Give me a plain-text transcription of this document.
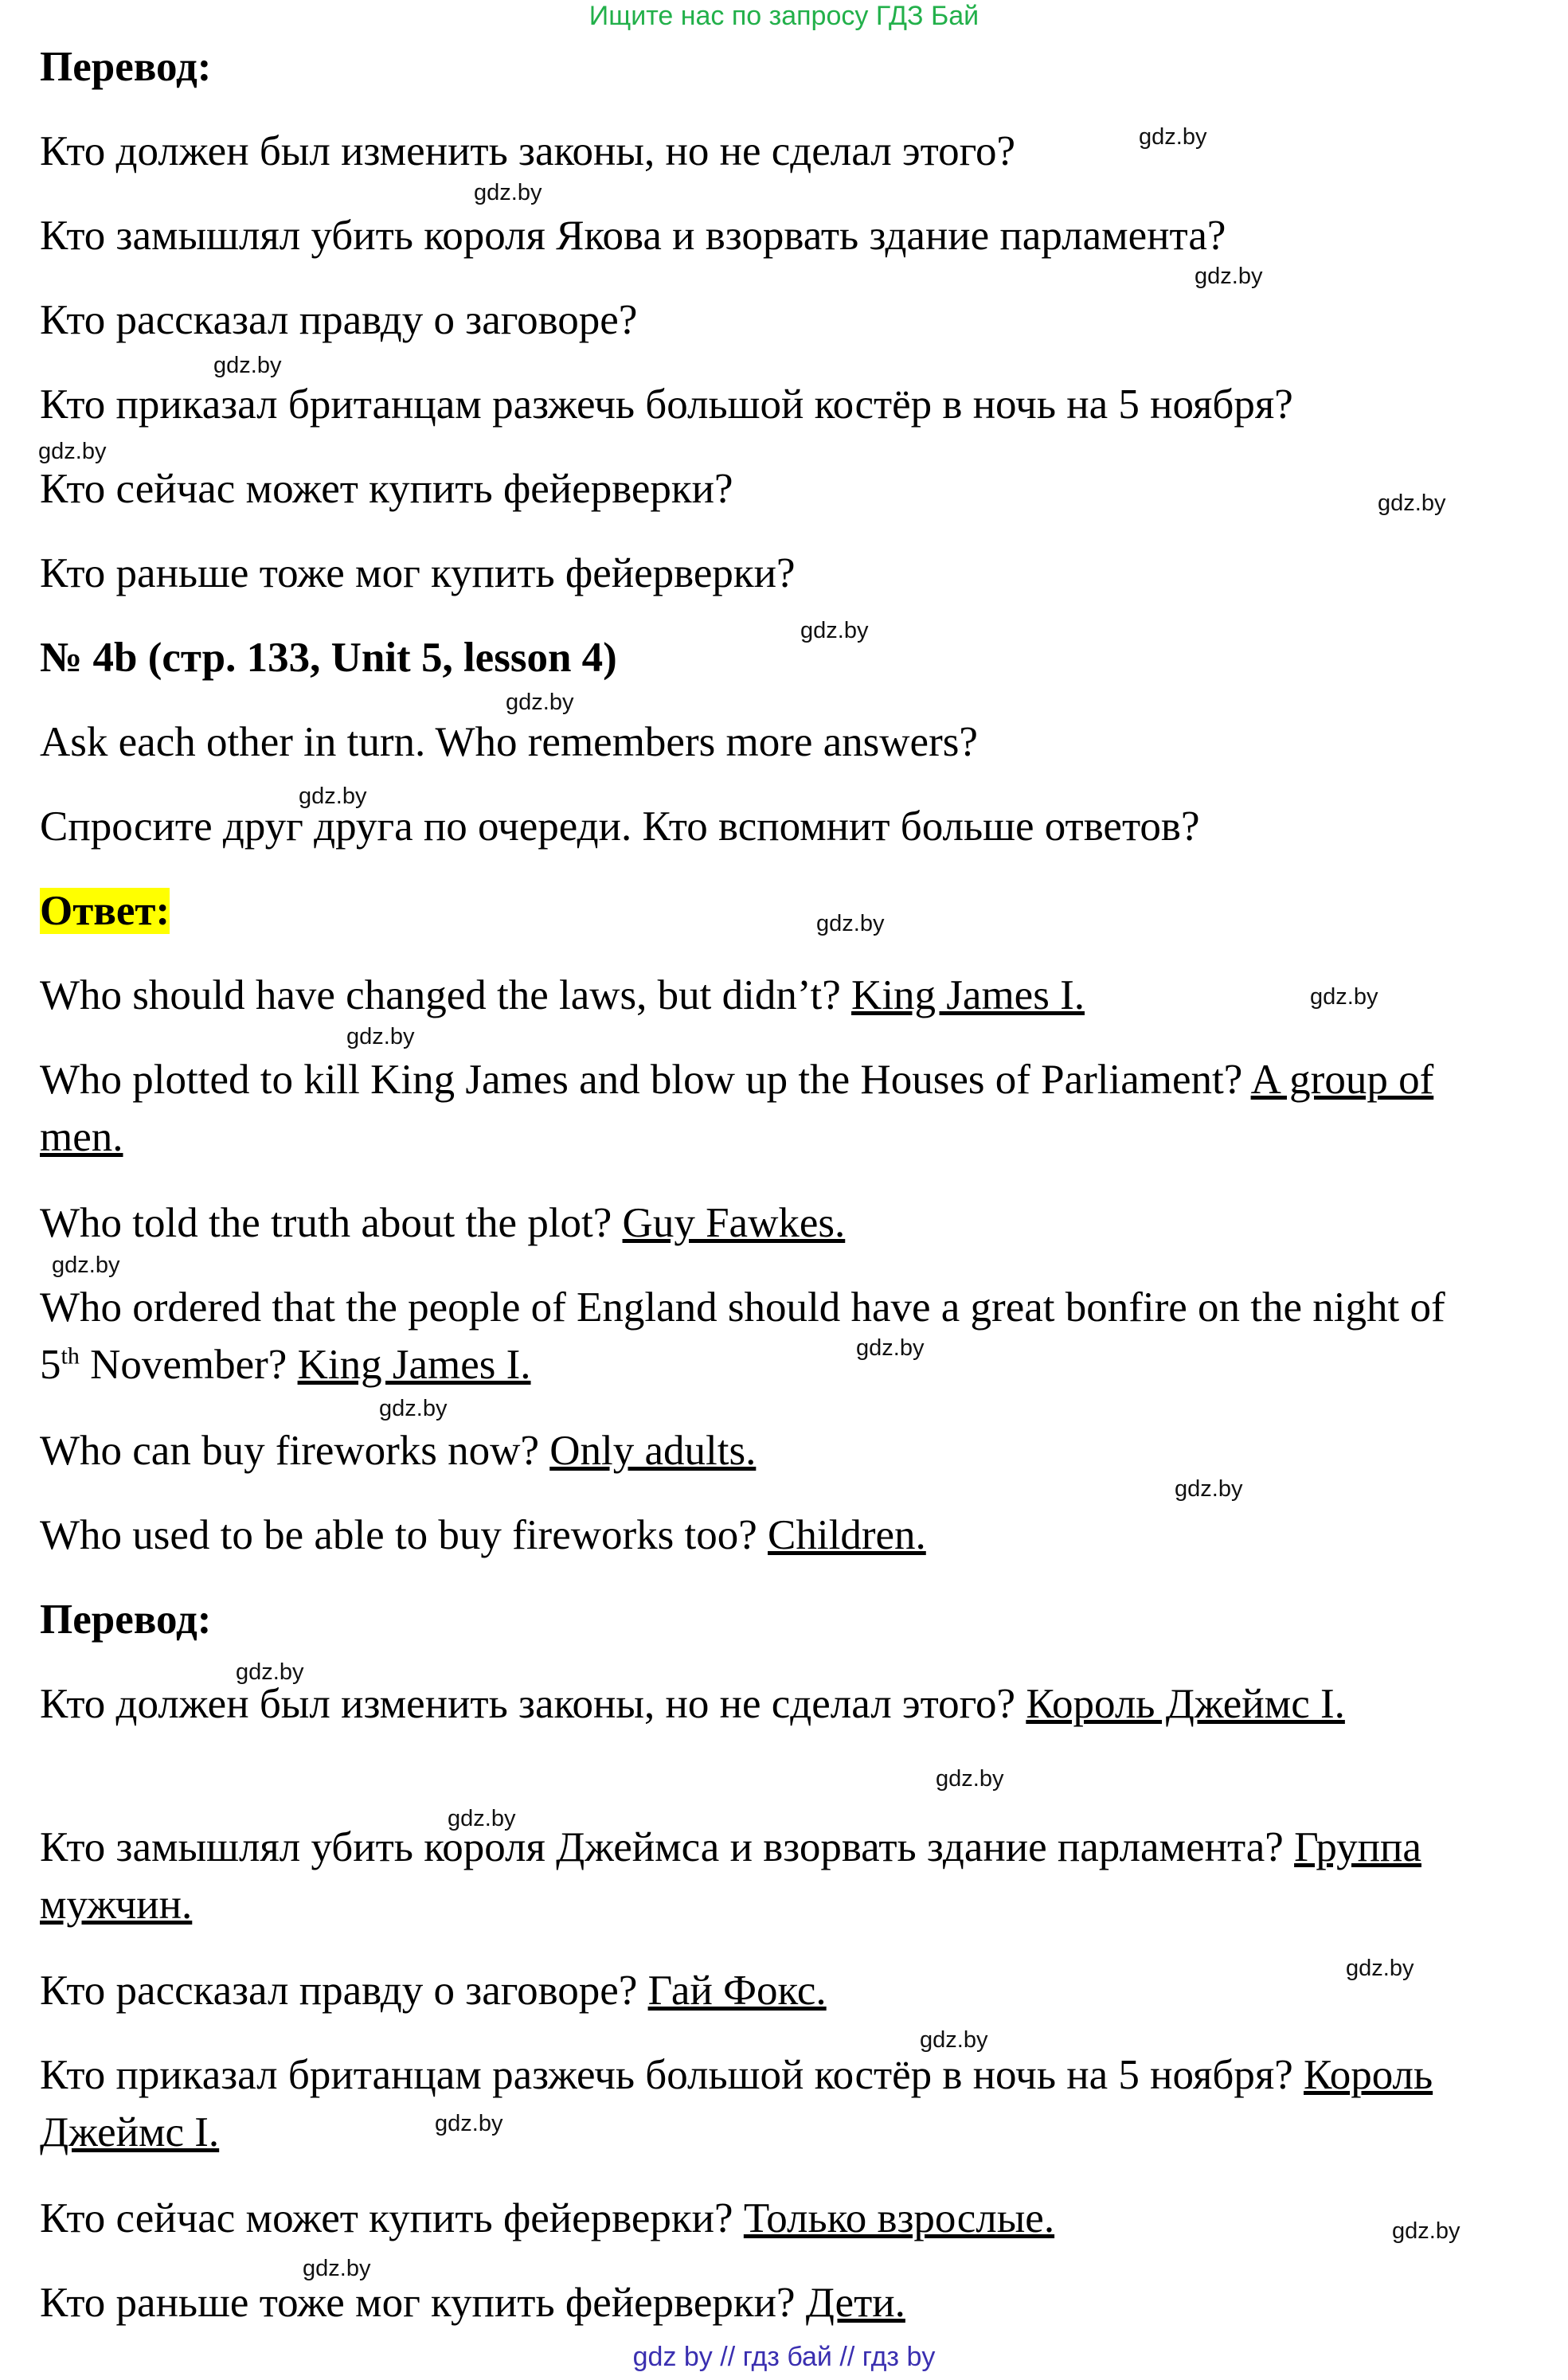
Ищите нас по запросу ГДЗ Бай
Перевод:
Кто должен был изменить законы, но не сделал этого?
Кто замышлял убить короля Якова и взорвать здание парламента?
Кто рассказал правду о заговоре?
Кто приказал британцам разжечь большой костёр в ночь на 5 ноября?
Кто сейчас может купить фейерверки?
Кто раньше тоже мог купить фейерверки?
№ 4b (стр. 133, Unit 5, lesson 4)
Ask each other in turn. Who remembers more answers?
Спросите друг друга по очереди. Кто вспомнит больше ответов?
Ответ:
Who should have changed the laws, but didn’t? King James I.
Who plotted to kill King James and blow up the Houses of Parliament? A group of men.
Who told the truth about the plot? Guy Fawkes.
Who ordered that the people of England should have a great bonfire on the night of 5th November? King James I.
Who can buy fireworks now? Only adults.
Who used to be able to buy fireworks too? Children.
Перевод:
Кто должен был изменить законы, но не сделал этого? Король Джеймс I.
Кто замышлял убить короля Джеймса и взорвать здание парламента? Группа мужчин.
Кто рассказал правду о заговоре? Гай Фокс.
Кто приказал британцам разжечь большой костёр в ночь на 5 ноября? Король Джеймс I.
Кто сейчас может купить фейерверки? Только взрослые.
Кто раньше тоже мог купить фейерверки? Дети.
gdz.by
gdz.by
gdz.by
gdz.by
gdz.by
gdz.by
gdz.by
gdz.by
gdz.by
gdz.by
gdz.by
gdz.by
gdz.by
gdz.by
gdz.by
gdz.by
gdz.by
gdz.by
gdz.by
gdz.by
gdz.by
gdz.by
gdz.by
gdz.by
gdz by // гдз бай // гдз by
